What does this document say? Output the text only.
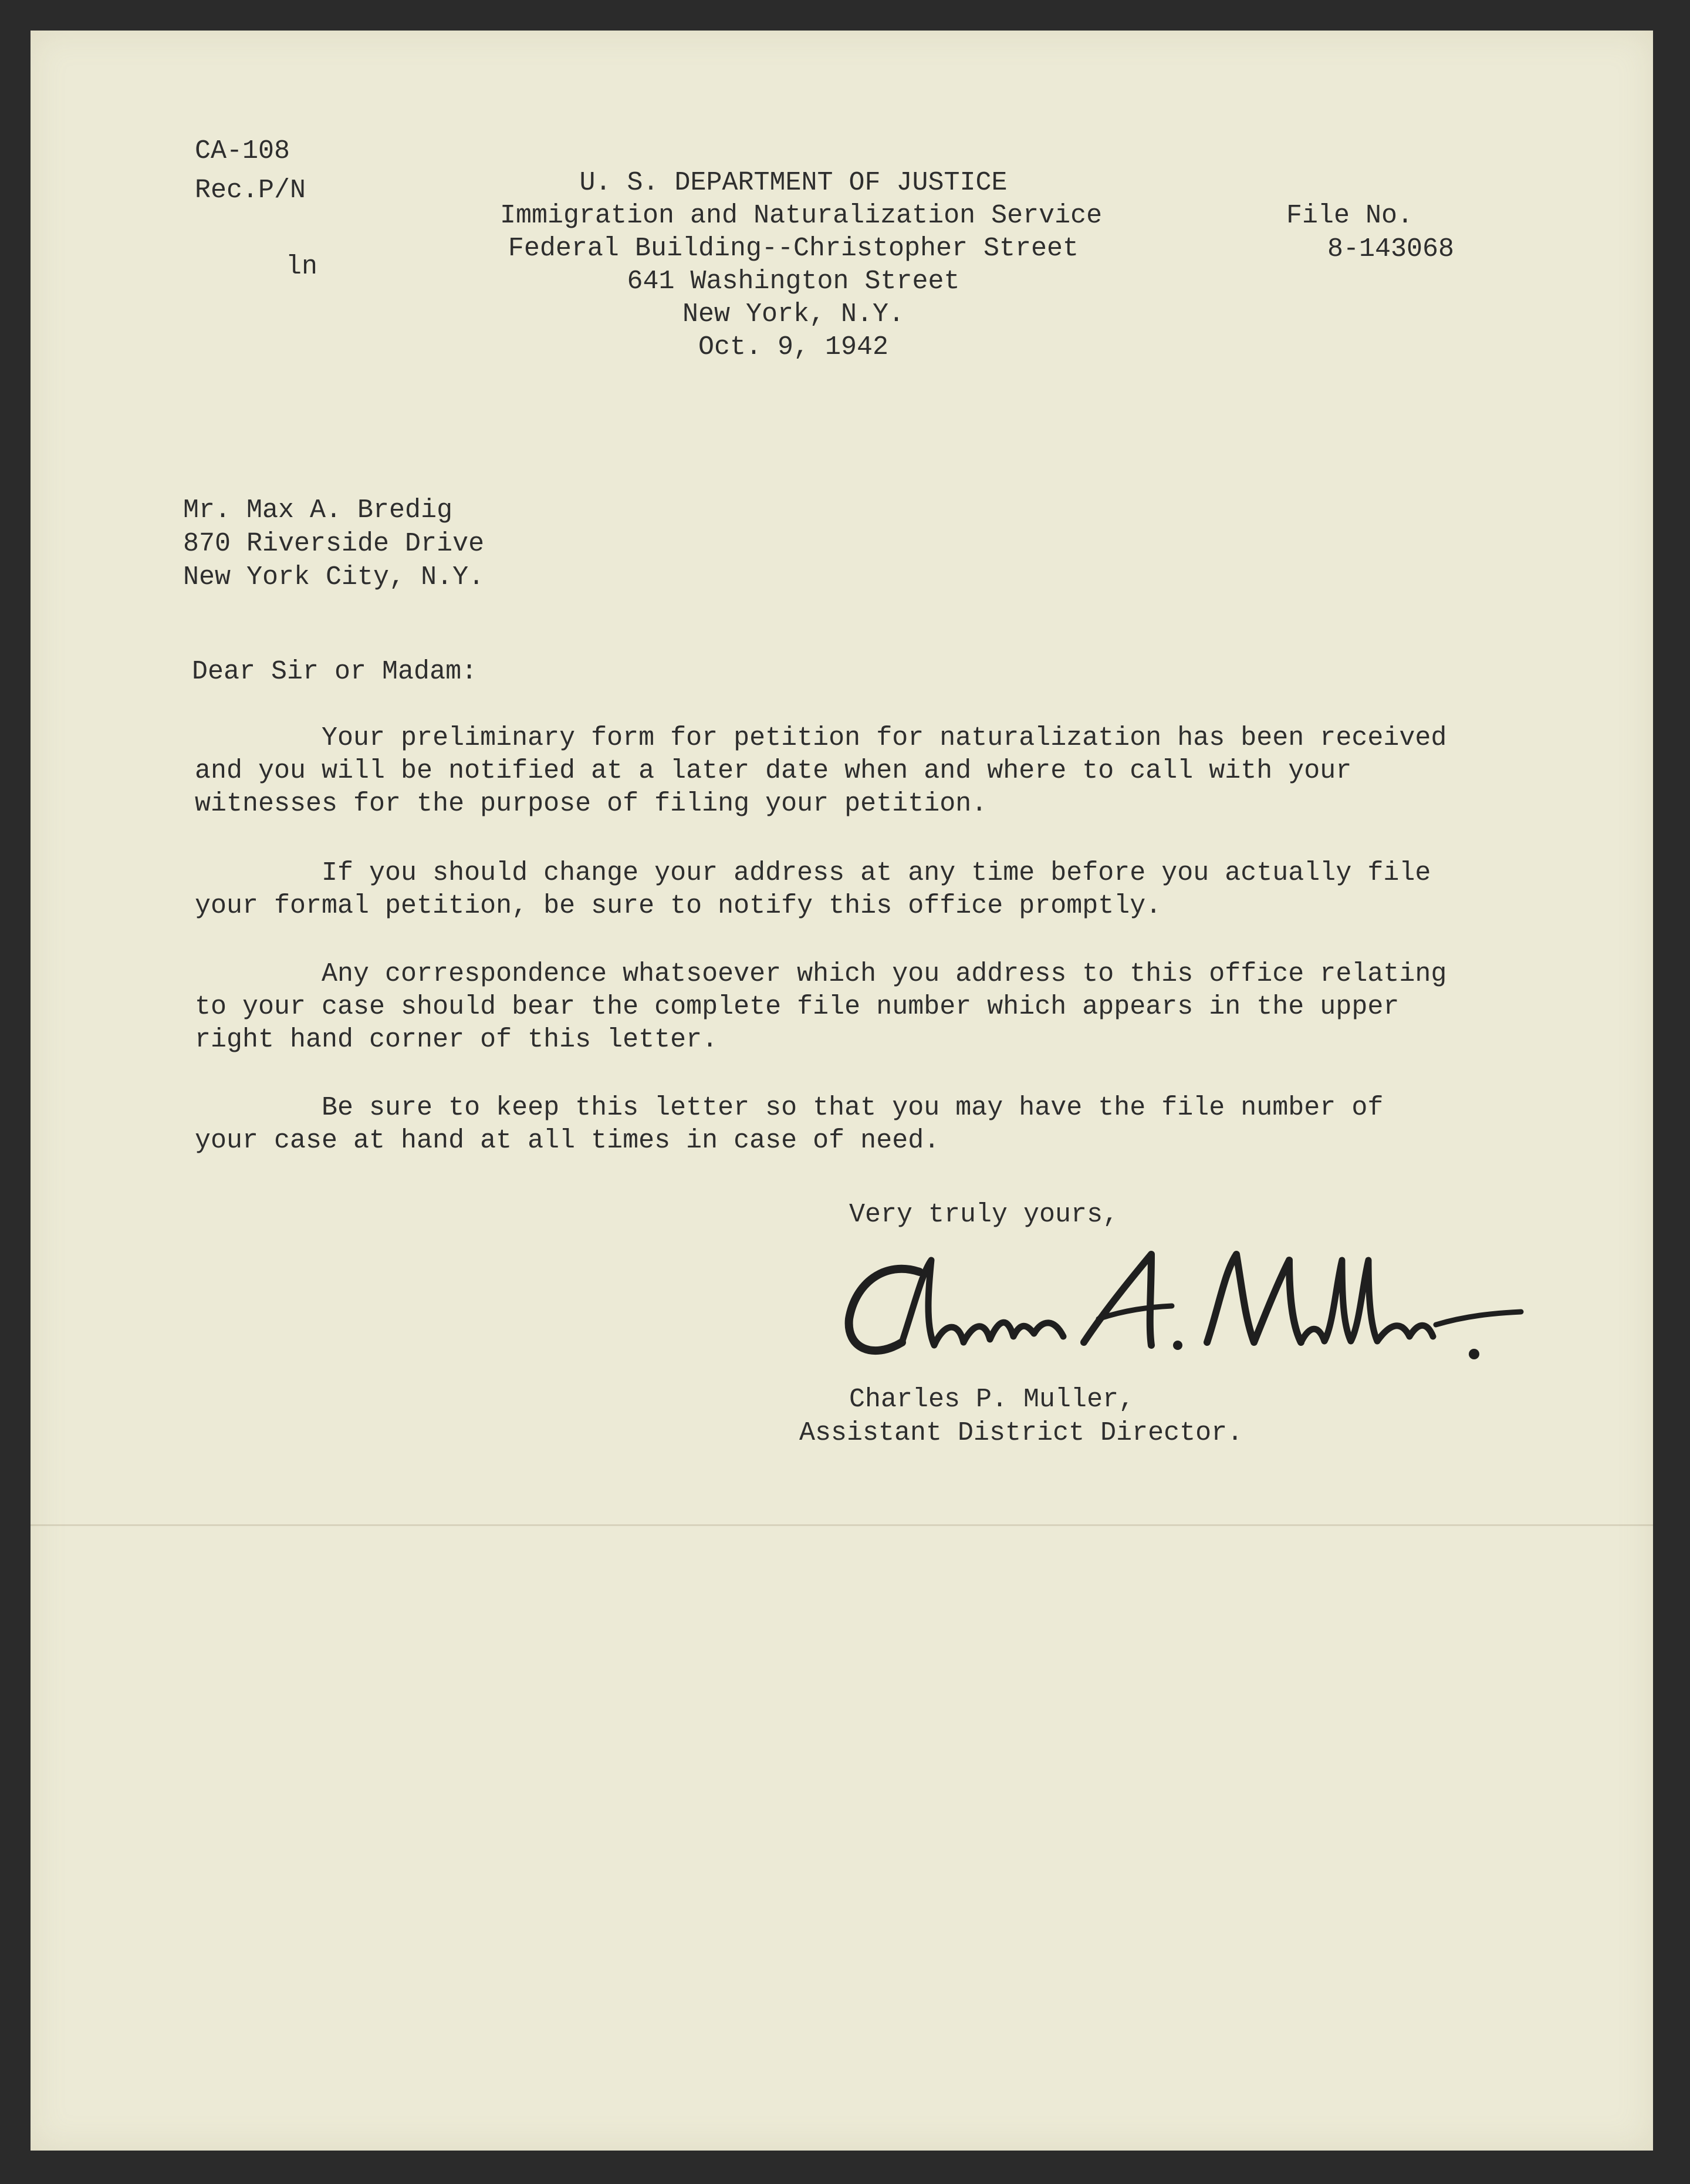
CA-108
Rec.P/N
ln
U. S. DEPARTMENT OF JUSTICE
Immigration and Naturalization Service
Federal Building--Christopher Street
641 Washington Street
New York, N.Y.
Oct. 9, 1942
File No.
8-143068
Mr. Max A. Bredig
870 Riverside Drive
New York City, N.Y.
Dear Sir or Madam:
Your preliminary form for petition for naturalization has been received
and you will be notified at a later date when and where to call with your
witnesses for the purpose of filing your petition.
If you should change your address at any time before you actually file
your formal petition, be sure to notify this office promptly.
Any correspondence whatsoever which you address to this office relating
to your case should bear the complete file number which appears in the upper
right hand corner of this letter.
Be sure to keep this letter so that you may have the file number of
your case at hand at all times in case of need.
Very truly yours,
Charles P. Muller,
Assistant District Director.
